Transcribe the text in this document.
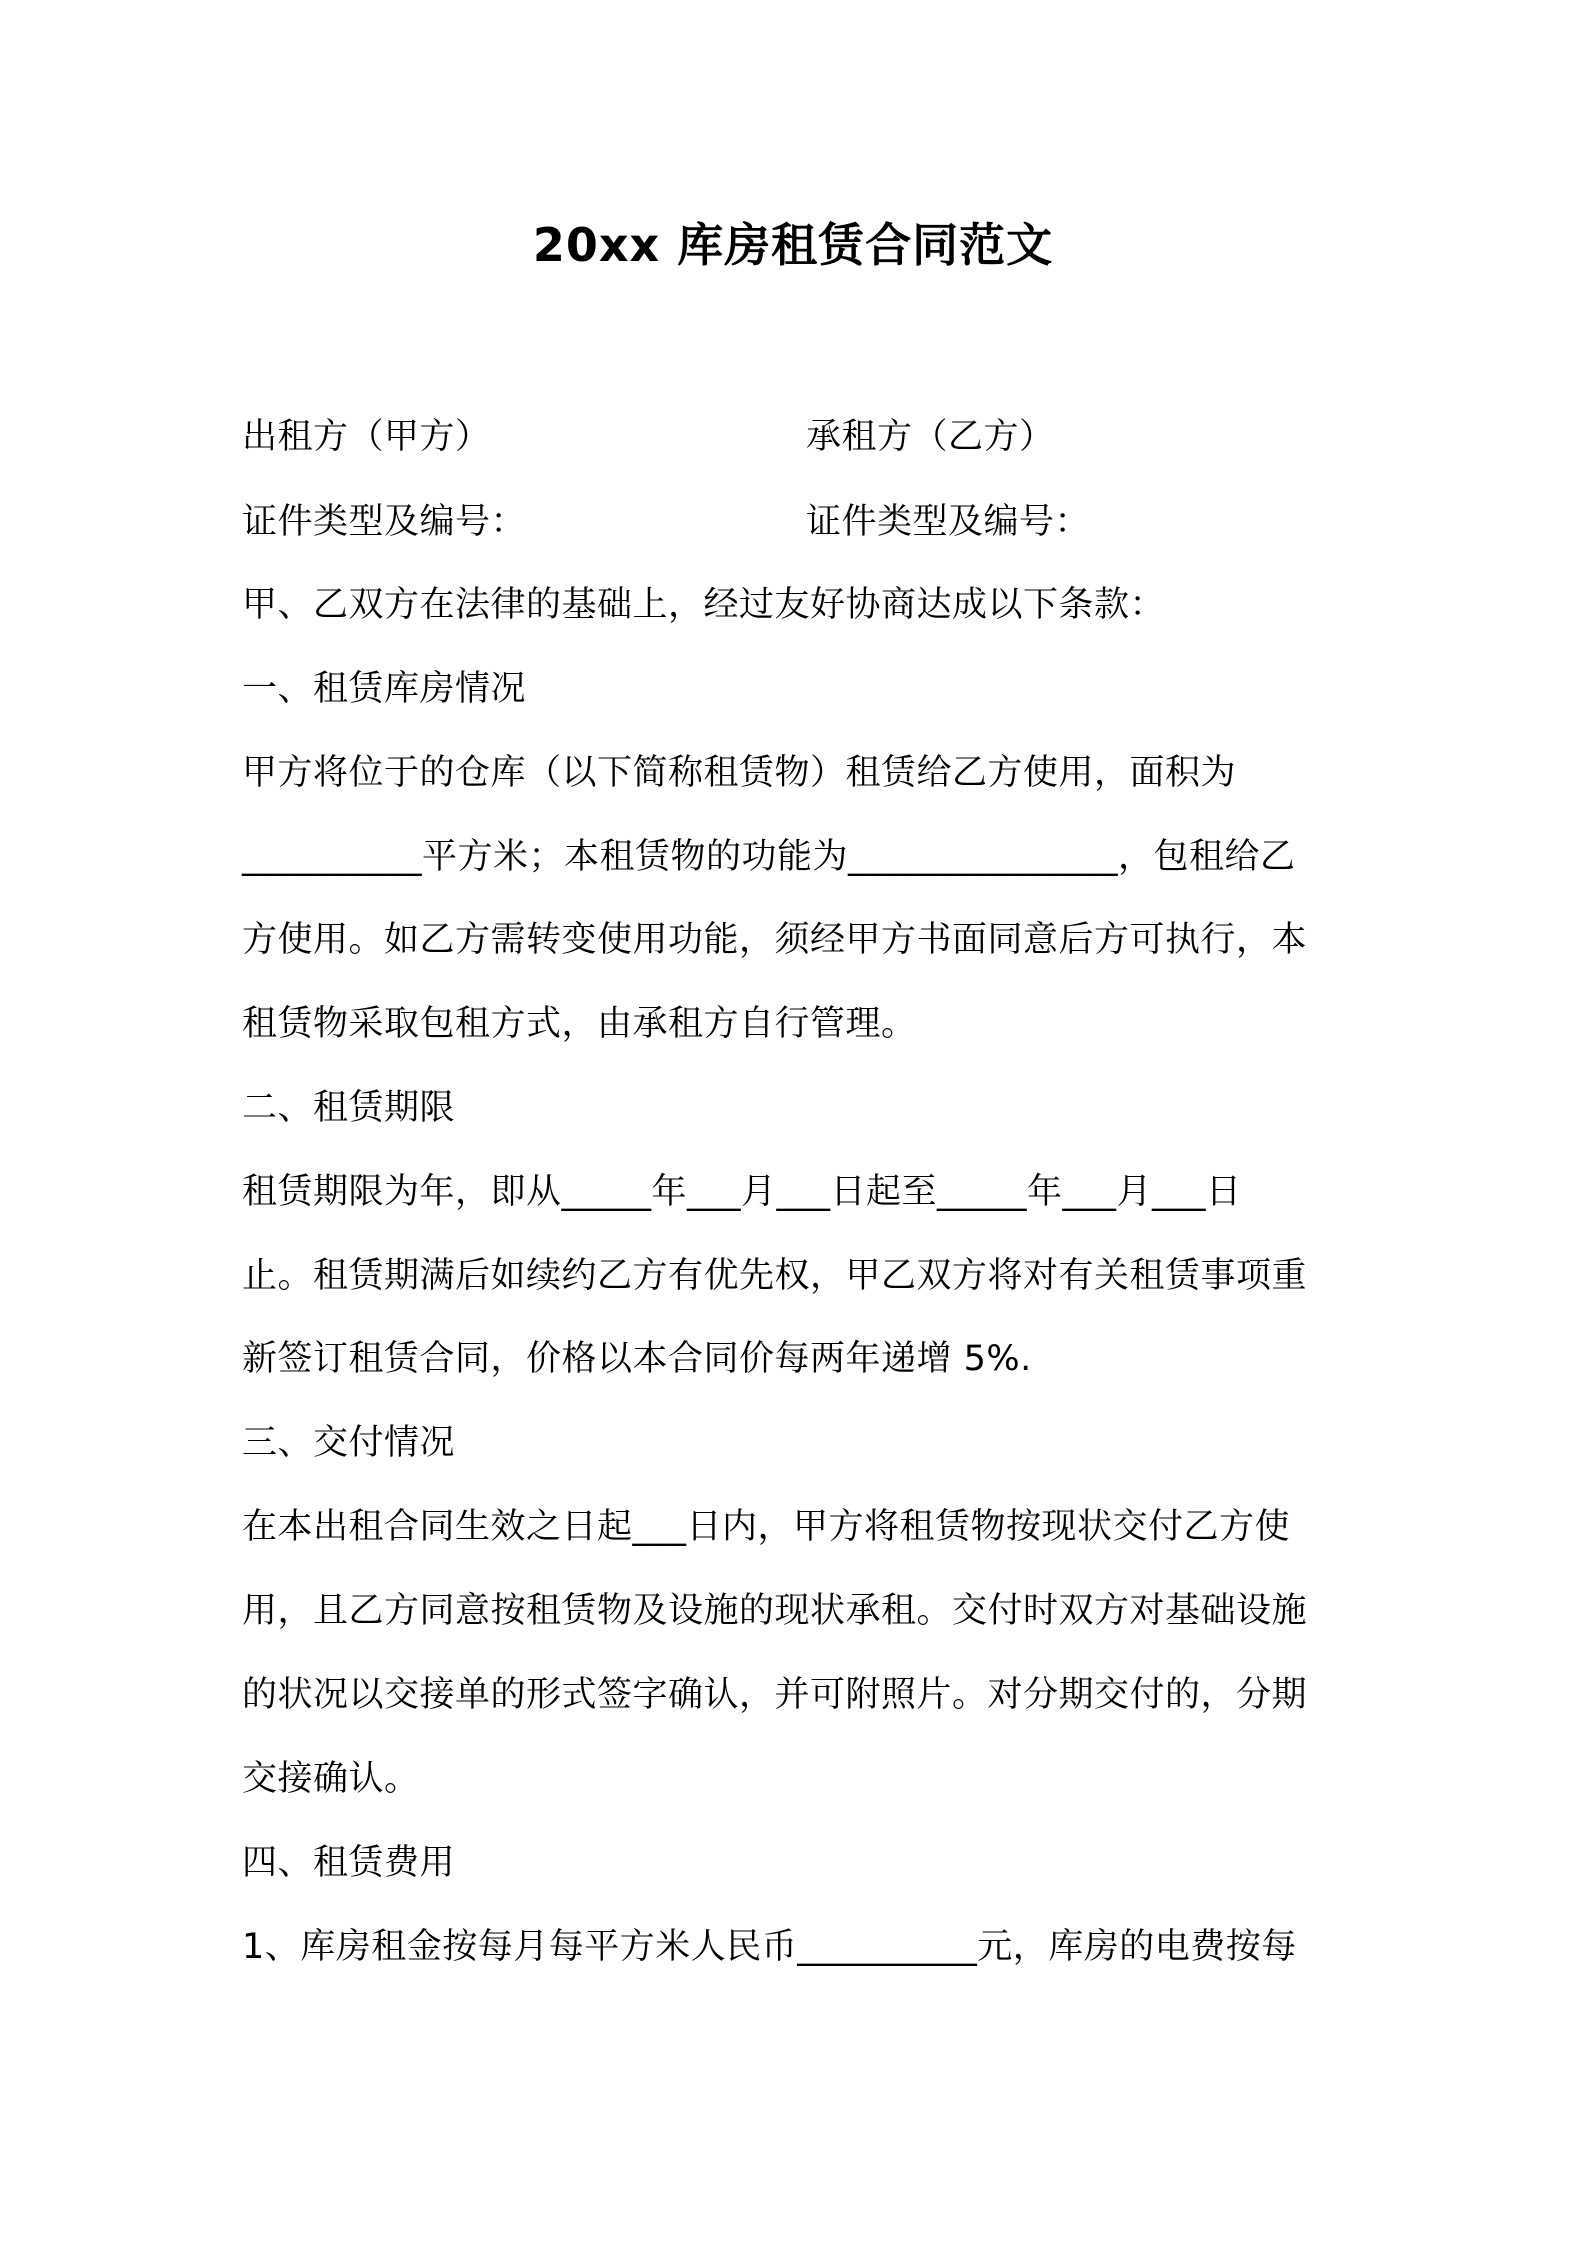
20xx 库房租赁合同范文
出租方（甲方）	承租方（乙方）
证件类型及编号：	证件类型及编号：
甲、乙双方在法律的基础上，经过友好协商达成以下条款：
一、租赁库房情况
甲方将位于的仓库（以下简称租赁物）租赁给乙方使用，面积为
__________平方米；本租赁物的功能为_______________，包租给乙
方使用。如乙方需转变使用功能，须经甲方书面同意后方可执行，本
租赁物采取包租方式，由承租方自行管理。
二、租赁期限
租赁期限为年，即从_____年___月___日起至_____年___月___日
止。租赁期满后如续约乙方有优先权，甲乙双方将对有关租赁事项重
新签订租赁合同，价格以本合同价每两年递增 5%.
三、交付情况
在本出租合同生效之日起___日内，甲方将租赁物按现状交付乙方使
用，且乙方同意按租赁物及设施的现状承租。交付时双方对基础设施
的状况以交接单的形式签字确认，并可附照片。对分期交付的，分期
交接确认。
四、租赁费用
1、库房租金按每月每平方米人民币__________元，库房的电费按每
